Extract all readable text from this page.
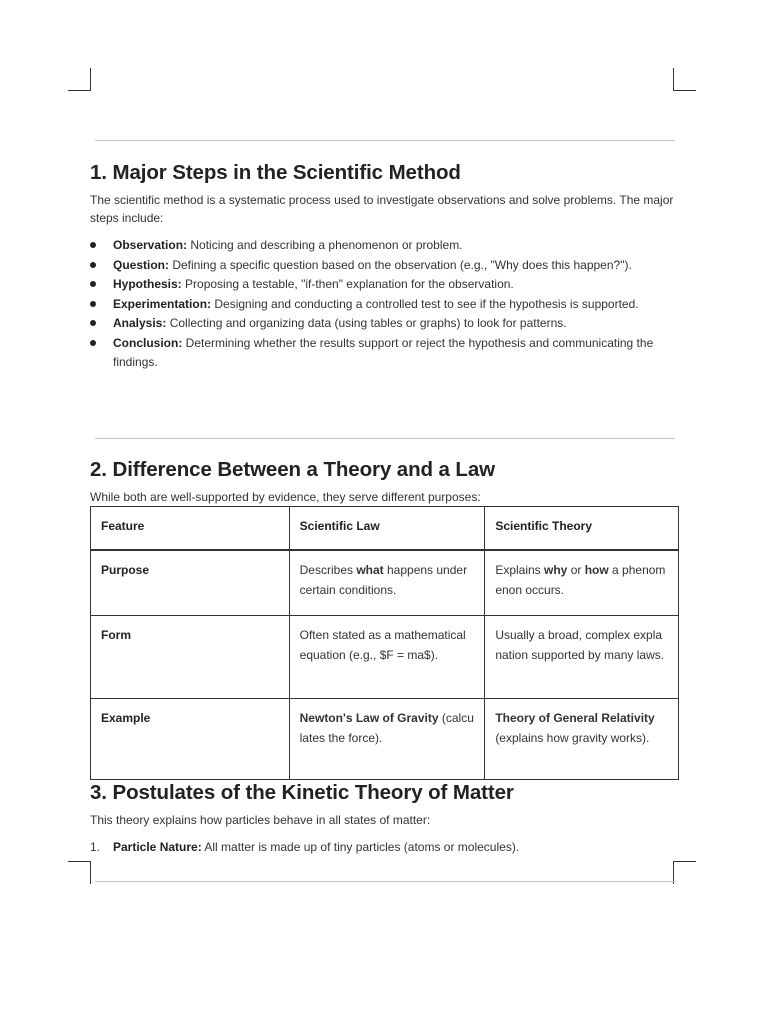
1. Major Steps in the Scientific Method

The scientific method is a systematic process used to investigate observations and solve problems. The major steps include:

Observation: Noticing and describing a phenomenon or problem.
Question: Defining a specific question based on the observation (e.g., "Why does this happen?").
Hypothesis: Proposing a testable, "if-then" explanation for the observation.
Experimentation: Designing and conducting a controlled test to see if the hypothesis is supported.
Analysis: Collecting and organizing data (using tables or graphs) to look for patterns.
Conclusion: Determining whether the results support or reject the hypothesis and communicating the findings.
2. Difference Between a Theory and a Law

While both are well-supported by evidence, they serve different purposes:

Feature	Scientific Law	Scientific Theory
Purpose	Describes what happens under certain conditions.	Explains why or how a phenomenon occurs.
Form	Often stated as a mathematical equation (e.g., $F = ma$).	Usually a broad, complex explanation supported by many laws.
Example	Newton's Law of Gravity (calculates the force).	Theory of General Relativity (explains how gravity works).
3. Postulates of the Kinetic Theory of Matter

This theory explains how particles behave in all states of matter:

1. Particle Nature: All matter is made up of tiny particles (atoms or molecules).
